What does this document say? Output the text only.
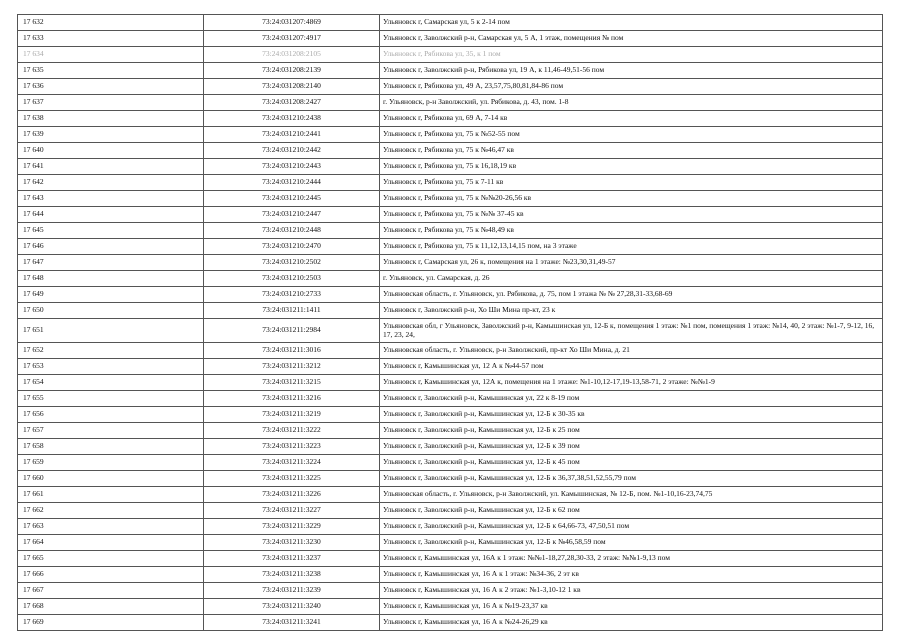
17 632	73:24:031207:4869	Ульяновск г, Самарская ул, 5 к 2-14 пом
17 633	73:24:031207:4917	Ульяновск г, Заволжский р-н, Самарская ул, 5 А, 1 этаж, помещения № пом
17 634	73:24:031208:2105	Ульяновск г, Рябикова ул, 35, к 1 пом
17 635	73:24:031208:2139	Ульяновск г, Заволжский р-н, Рябикова ул, 19 А, к 11,46-49,51-56 пом
17 636	73:24:031208:2140	Ульяновск г, Рябикова ул, 49 А, 23,57,75,80,81,84-86 пом
17 637	73:24:031208:2427	г. Ульяновск, р-н Заволжский, ул. Рябикова, д. 43, пом. 1-8
17 638	73:24:031210:2438	Ульяновск г, Рябикова ул, 69 А, 7-14 кв
17 639	73:24:031210:2441	Ульяновск г, Рябикова ул, 75 к №52-55 пом
17 640	73:24:031210:2442	Ульяновск г, Рябикова ул, 75 к №46,47 кв
17 641	73:24:031210:2443	Ульяновск г, Рябикова ул, 75 к 16,18,19 кв
17 642	73:24:031210:2444	Ульяновск г, Рябикова ул, 75 к 7-11 кв
17 643	73:24:031210:2445	Ульяновск г, Рябикова ул, 75 к №№20-26,56 кв
17 644	73:24:031210:2447	Ульяновск г, Рябикова ул, 75 к №№ 37-45 кв
17 645	73:24:031210:2448	Ульяновск г, Рябикова ул, 75 к №48,49 кв
17 646	73:24:031210:2470	Ульяновск г, Рябикова ул, 75 к 11,12,13,14,15 пом, на 3 этаже
17 647	73:24:031210:2502	Ульяновск г, Самарская ул, 26 к, помещения на 1 этаже: №23,30,31,49-57
17 648	73:24:031210:2503	г. Ульяновск, ул. Самарская, д. 26
17 649	73:24:031210:2733	Ульяновская область, г. Ульяновск, ул. Рябикова, д. 75, пом 1 этажа № № 27,28,31-33,68-69
17 650	73:24:031211:1411	Ульяновск г, Заволжский р-н, Хо Ши Мина пр-кт, 23 к
17 651	73:24:031211:2984	Ульяновская обл, г Ульяновск, Заволжский р-н, Камышинская ул, 12-Б к, помещения 1 этаж: №1 пом, помещения 1 этаж: №14, 40, 2 этаж: №1-7, 9-12, 16, 17, 23, 24,
17 652	73:24:031211:3016	Ульяновская область, г. Ульяновск, р-н Заволжский, пр-кт Хо Ши Мина, д. 21
17 653	73:24:031211:3212	Ульяновск г, Камышинская ул, 12 А к №44-57 пом
17 654	73:24:031211:3215	Ульяновск г, Камышинская ул, 12А к, помещения на 1 этаже: №1-10,12-17,19-13,58-71, 2 этаже: №№1-9
17 655	73:24:031211:3216	Ульяновск г, Заволжский р-н, Камышинская ул, 22 к 8-19 пом
17 656	73:24:031211:3219	Ульяновск г, Заволжский р-н, Камышинская ул, 12-Б к 30-35 кв
17 657	73:24:031211:3222	Ульяновск г, Заволжский р-н, Камышинская ул, 12-Б к 25 пом
17 658	73:24:031211:3223	Ульяновск г, Заволжский р-н, Камышинская ул, 12-Б к 39 пом
17 659	73:24:031211:3224	Ульяновск г, Заволжский р-н, Камышинская ул, 12-Б к 45 пом
17 660	73:24:031211:3225	Ульяновск г, Заволжский р-н, Камышинская ул, 12-Б к 36,37,38,51,52,55,79 пом
17 661	73:24:031211:3226	Ульяновская область, г. Ульяновск, р-н Заволжский, ул. Камышинская, № 12-Б, пом. №1-10,16-23,74,75
17 662	73:24:031211:3227	Ульяновск г, Заволжский р-н, Камышинская ул, 12-Б к 62 пом
17 663	73:24:031211:3229	Ульяновск г, Заволжский р-н, Камышинская ул, 12-Б к 64,66-73, 47,50,51 пом
17 664	73:24:031211:3230	Ульяновск г, Заволжский р-н, Камышинская ул, 12-Б к №46,58,59 пом
17 665	73:24:031211:3237	Ульяновск г, Камышинская ул, 16А к 1 этаж: №№1-18,27,28,30-33, 2 этаж: №№1-9,13 пом
17 666	73:24:031211:3238	Ульяновск г, Камышинская ул, 16 А к 1 этаж: №34-36, 2 эт кв
17 667	73:24:031211:3239	Ульяновск г, Камышинская ул, 16 А к 2 этаж: №1-3,10-12 1 кв
17 668	73:24:031211:3240	Ульяновск г, Камышинская ул, 16 А к №19-23,37 кв
17 669	73:24:031211:3241	Ульяновск г, Камышинская ул, 16 А к №24-26,29 кв
